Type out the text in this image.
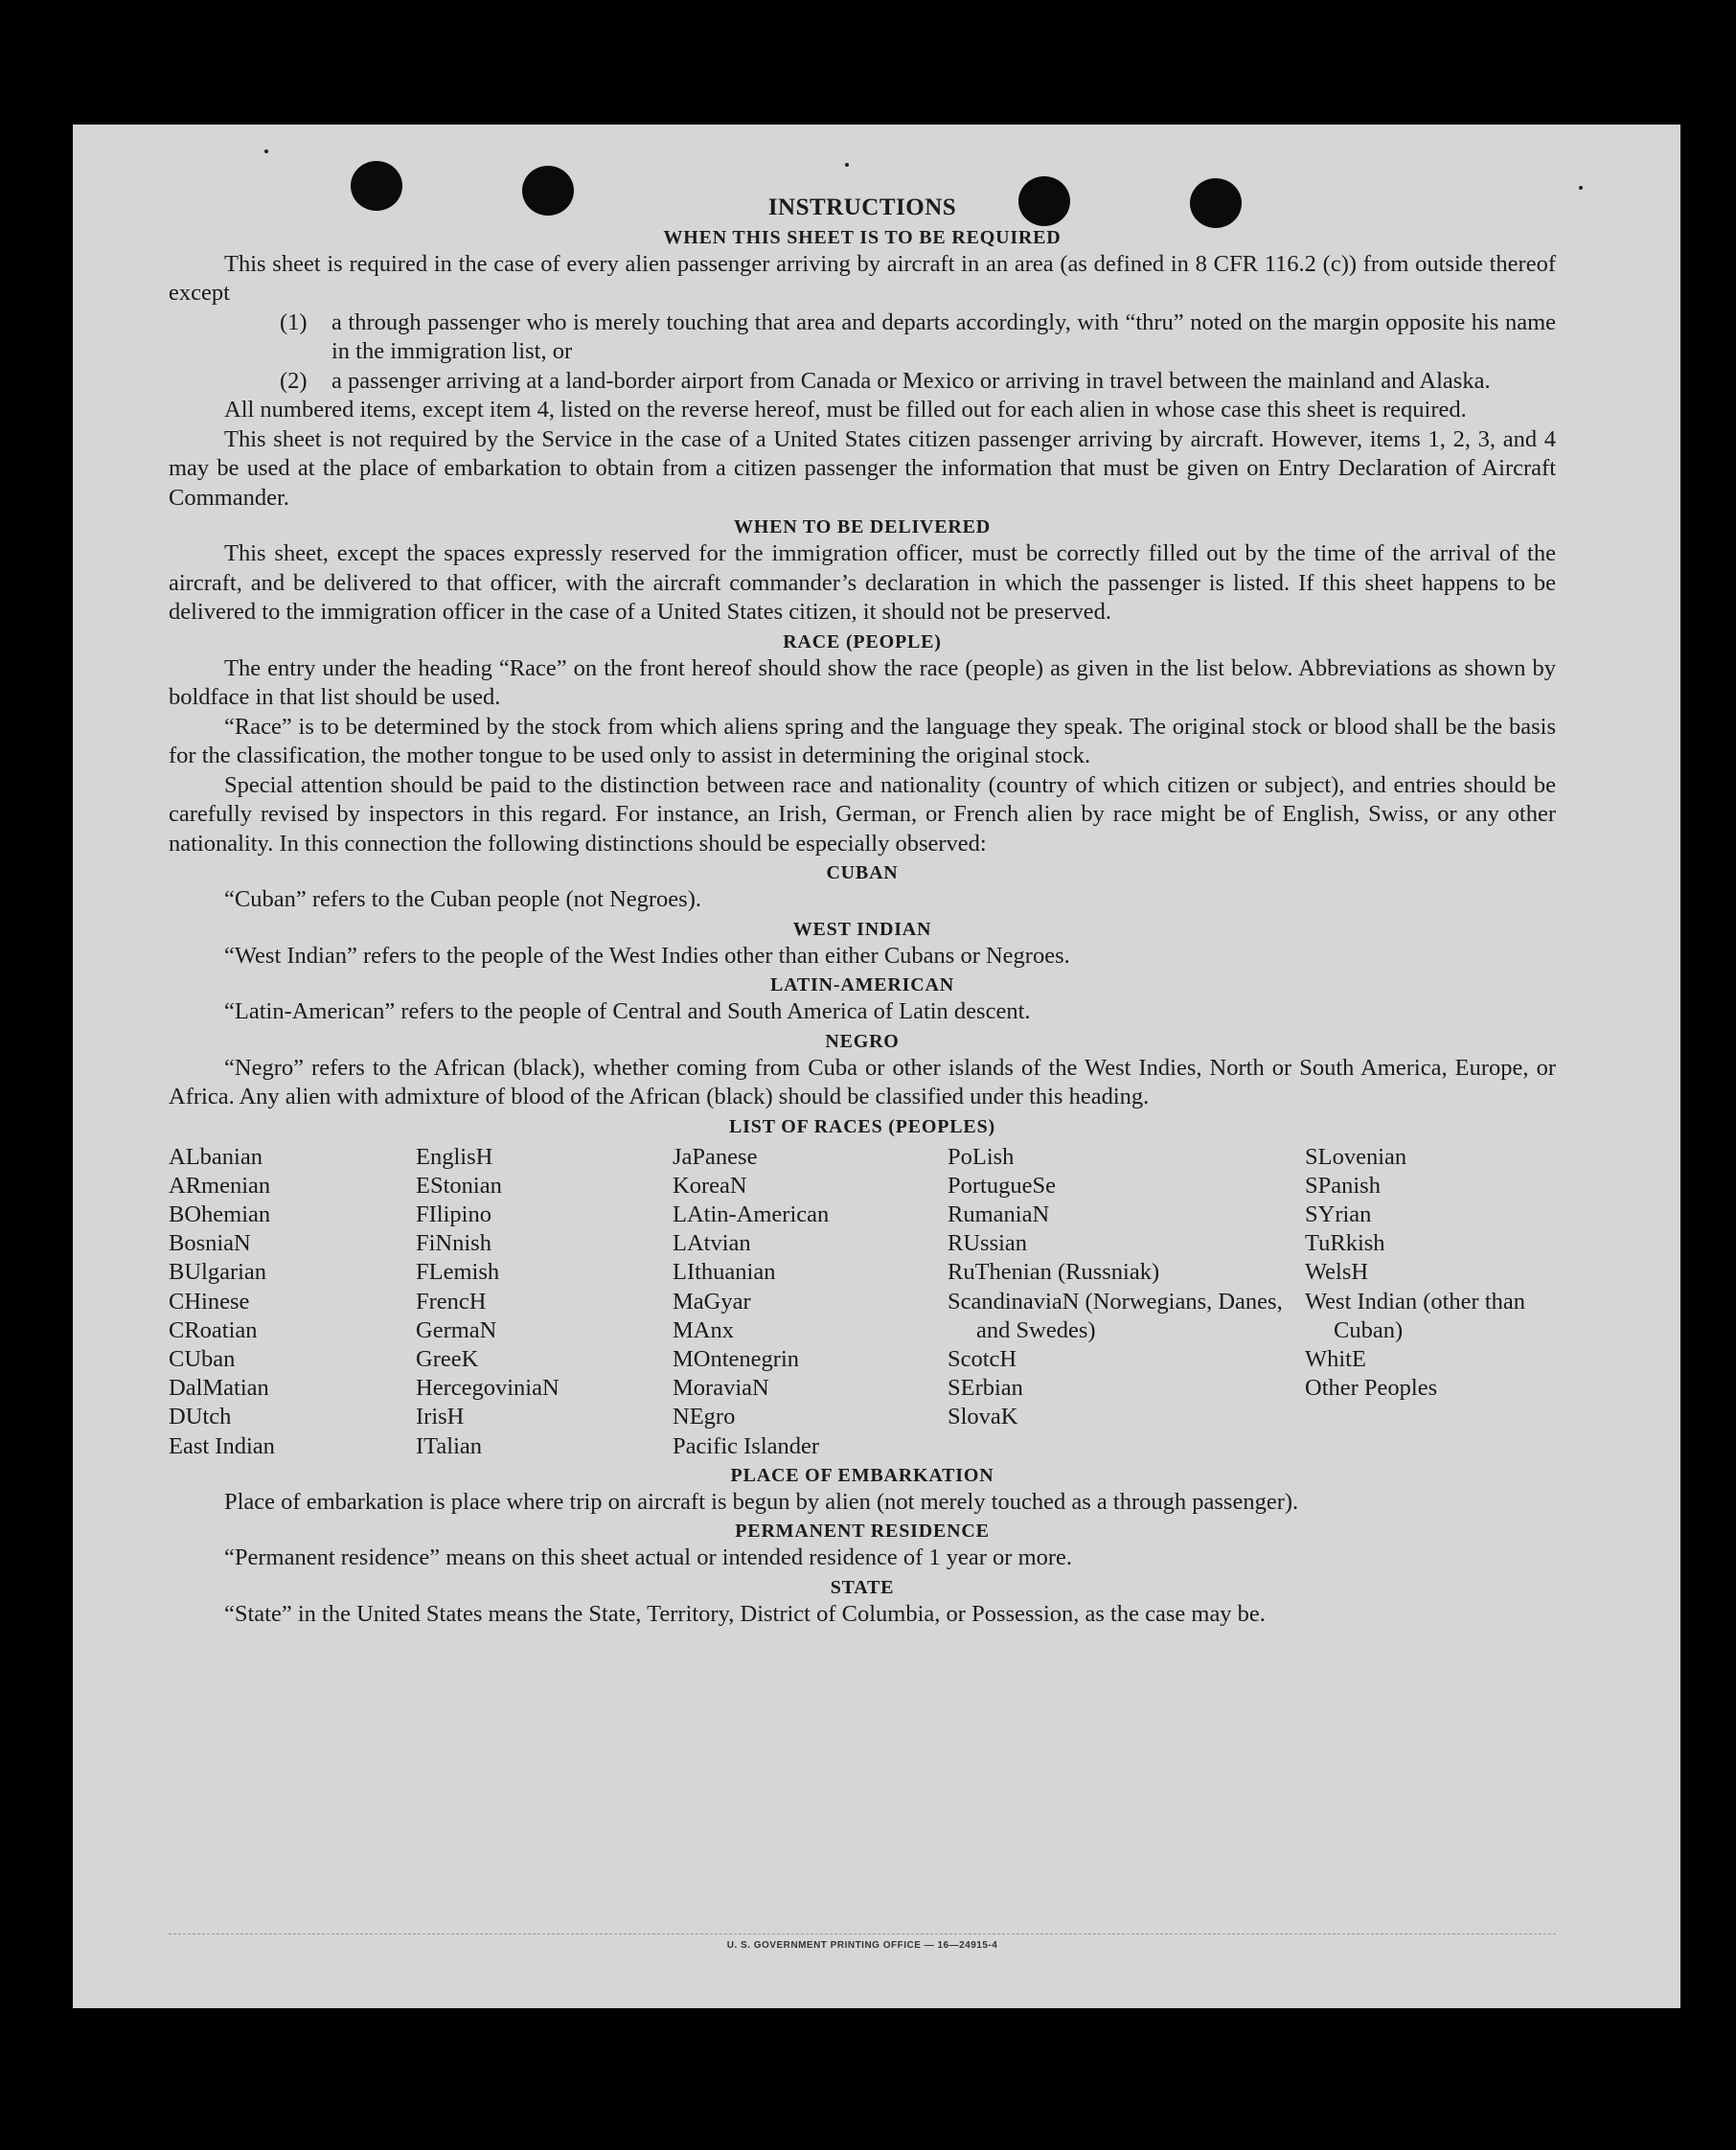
INSTRUCTIONS
WHEN THIS SHEET IS TO BE REQUIRED

This sheet is required in the case of every alien passenger arriving by aircraft in an area (as defined in 8 CFR 116.2 (c)) from outside thereof except

(1)	a through passenger who is merely touching that area and departs accordingly, with “thru” noted on the margin opposite his name in the immigration list, or
(2)	a passenger arriving at a land-border airport from Canada or Mexico or arriving in travel between the mainland and Alaska.

All numbered items, except item 4, listed on the reverse hereof, must be filled out for each alien in whose case this sheet is required.

This sheet is not required by the Service in the case of a United States citizen passenger arriving by aircraft. However, items 1, 2, 3, and 4 may be used at the place of embarkation to obtain from a citizen passenger the information that must be given on Entry Declaration of Aircraft Commander.

WHEN TO BE DELIVERED

This sheet, except the spaces expressly reserved for the immigration officer, must be correctly filled out by the time of the arrival of the aircraft, and be delivered to that officer, with the aircraft commander’s declaration in which the passenger is listed. If this sheet happens to be delivered to the immigration officer in the case of a United States citizen, it should not be preserved.

RACE (PEOPLE)

The entry under the heading “Race” on the front hereof should show the race (people) as given in the list below. Abbreviations as shown by boldface in that list should be used.

“Race” is to be determined by the stock from which aliens spring and the language they speak. The original stock or blood shall be the basis for the classification, the mother tongue to be used only to assist in determining the original stock.

Special attention should be paid to the distinction between race and nationality (country of which citizen or subject), and entries should be carefully revised by inspectors in this regard. For instance, an Irish, German, or French alien by race might be of English, Swiss, or any other nationality. In this connection the following distinctions should be especially observed:

CUBAN

“Cuban” refers to the Cuban people (not Negroes).

WEST INDIAN

“West Indian” refers to the people of the West Indies other than either Cubans or Negroes.

LATIN-AMERICAN

“Latin-American” refers to the people of Central and South America of Latin descent.

NEGRO

“Negro” refers to the African (black), whether coming from Cuba or other islands of the West Indies, North or South America, Europe, or Africa. Any alien with admixture of blood of the African (black) should be classified under this heading.

LIST OF RACES (PEOPLES)
ALbanian
ARmenian
BOhemian
BosniaN
BUlgarian
CHinese
CRoatian
CUban
DalMatian
DUtch
East Indian
EnglisH
EStonian
FIlipino
FiNnish
FLemish
FrencH
GermaN
GreeK
HercegoviniaN
IrisH
ITalian
JaPanese
KoreaN
LAtin-American
LAtvian
LIthuanian
MaGyar
MAnx
MOntenegrin
MoraviaN
NEgro
Pacific Islander
PoLish
PortugueSe
RumaniaN
RUssian
RuThenian (Russniak)
ScandinaviaN (Norwegians, Danes, and Swedes)
ScotcH
SErbian
SlovaK
SLovenian
SPanish
SYrian
TuRkish
WelsH
West Indian (other than Cuban)
WhitE
Other Peoples
PLACE OF EMBARKATION

Place of embarkation is place where trip on aircraft is begun by alien (not merely touched as a through passenger).

PERMANENT RESIDENCE

“Permanent residence” means on this sheet actual or intended residence of 1 year or more.

STATE

“State” in the United States means the State, Territory, District of Columbia, or Possession, as the case may be.

U. S. GOVERNMENT PRINTING OFFICE — 16—24915-4
